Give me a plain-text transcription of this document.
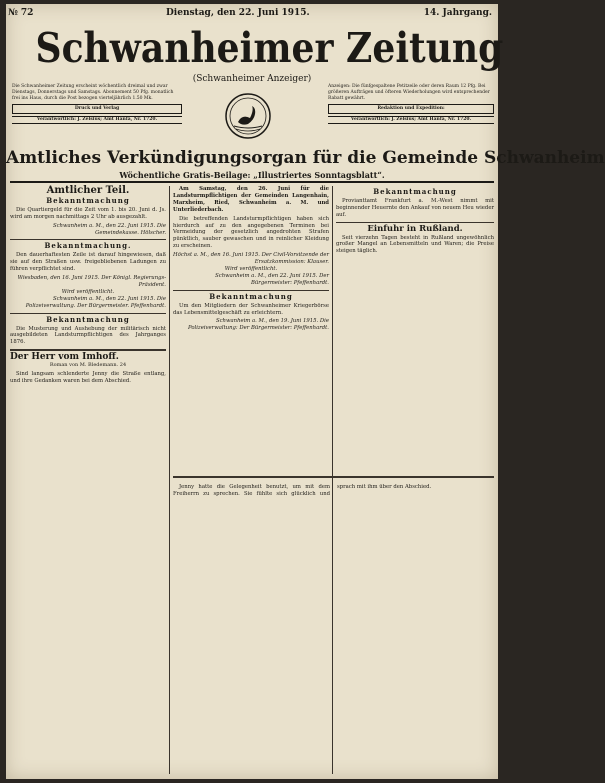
№ 72	Dienstag, den 22. Juni 1915.	14. Jahrgang.
Schwanheimer Zeitung
(Schwanheimer Anzeiger)
Die Schwanheimer Zeitung erscheint wöchentlich dreimal und zwar Dienstags, Donnerstags und Samstags. Abonnement 50 Pfg. monatlich frei ins Haus, durch die Post bezogen vierteljährlich 1.50 Mk.
Druck und Verlag
Verantwortlich: J. Zelsius; Amt Hanfa, Nr. 1720.
Anzeigen: Die fünfgespaltene Petitzeile oder deren Raum 12 Pfg. Bei größeren Aufträgen und öfteren Wiederholungen wird entsprechender Rabatt gewährt.
Redaktion und Expedition:
Verantwortlich: J. Zelsius; Amt Hanfa, Nr. 1720.
Amtliches Verkündigungsorgan für die Gemeinde Schwanheim
Wöchentliche Gratis-Beilage: „Illustriertes Sonntagsblatt“.
Amtlicher Teil.
Bekanntmachung

Die Quartiergeld für die Zeit vom 1. bis 20. Juni d. Js. wird am morgen nachmittags 2 Uhr ab ausgezahlt.

Schwanheim a. M., den 22. Juni 1915. Die Gemeindekasse. Hölscher.
Bekanntmachung.

Den dauerhaftesten Zeile ist darauf hingewiesen, daß sie auf den Straßen usw. freigebliebenen Ladungen zu führen verpflichtet sind.

Wiesbaden, den 16. Juni 1915. Der Königl. Regierungs-Präsident.
Wird veröffentlicht.
Schwanheim a. M., den 22. Juni 1915. Die Polizeiverwaltung. Der Bürgermeister. Pfeffenhardt.
Bekanntmachung

Die Musterung und Aushebung der militärisch nicht ausgebildeten Landsturmpflichtigen des Jahrganges 1876.

Der Herr vom Imhoff.
Roman von M. Bledemann. 24

Sind langsam schlenderte Jenny die Straße entlang, und ihre Gedanken waren bei dem Abschied.

Am Samstag, den 26. Juni für die Landsturmpflichtigen der Gemeinden Langenhain, Marxheim, Ried, Schwanheim a. M. und Unterliederbach.

Die betreffenden Landsturmpflichtigen haben sich hierdurch auf zu den angegebenen Terminen bei Vermeidung der gesetzlich angedrohten Strafen pünktlich, sauber gewaschen und in reinlicher Kleidung zu erscheinen.

Höchst a. M., den 16. Juni 1915. Der Civil-Vorsitzende der Ersatzkommission: Klauser.
Wird veröffentlicht.
Schwanheim a. M., den 22. Juni 1915. Der Bürgermeister: Pfeffenhardt.
Bekanntmachung

Um den Mitgliedern der Schwanheimer Kriegerbörse das Lebensmittelgeschäft zu erleichtern.

Schwanheim a. M., den 19. Juni 1915. Die Polizeiverwaltung: Der Bürgermeister: Pfeffenhardt.
Bekanntmachung

Provianttamt Frankfurt a. M.-West nimmt mit beginnender Heuernte den Ankauf von neuem Heu wieder auf.

Einfuhr in Rußland.

Seit vierzehn Tagen besteht in Rußland ungewöhnlich großer Mangel an Lebensmitteln und Waren; die Preise steigen täglich.

Jenny hatte die Gelegenheit benutzt, um mit dem Freiherrn zu sprechen. Sie fühlte sich glücklich und sprach mit ihm über den Abschied.
